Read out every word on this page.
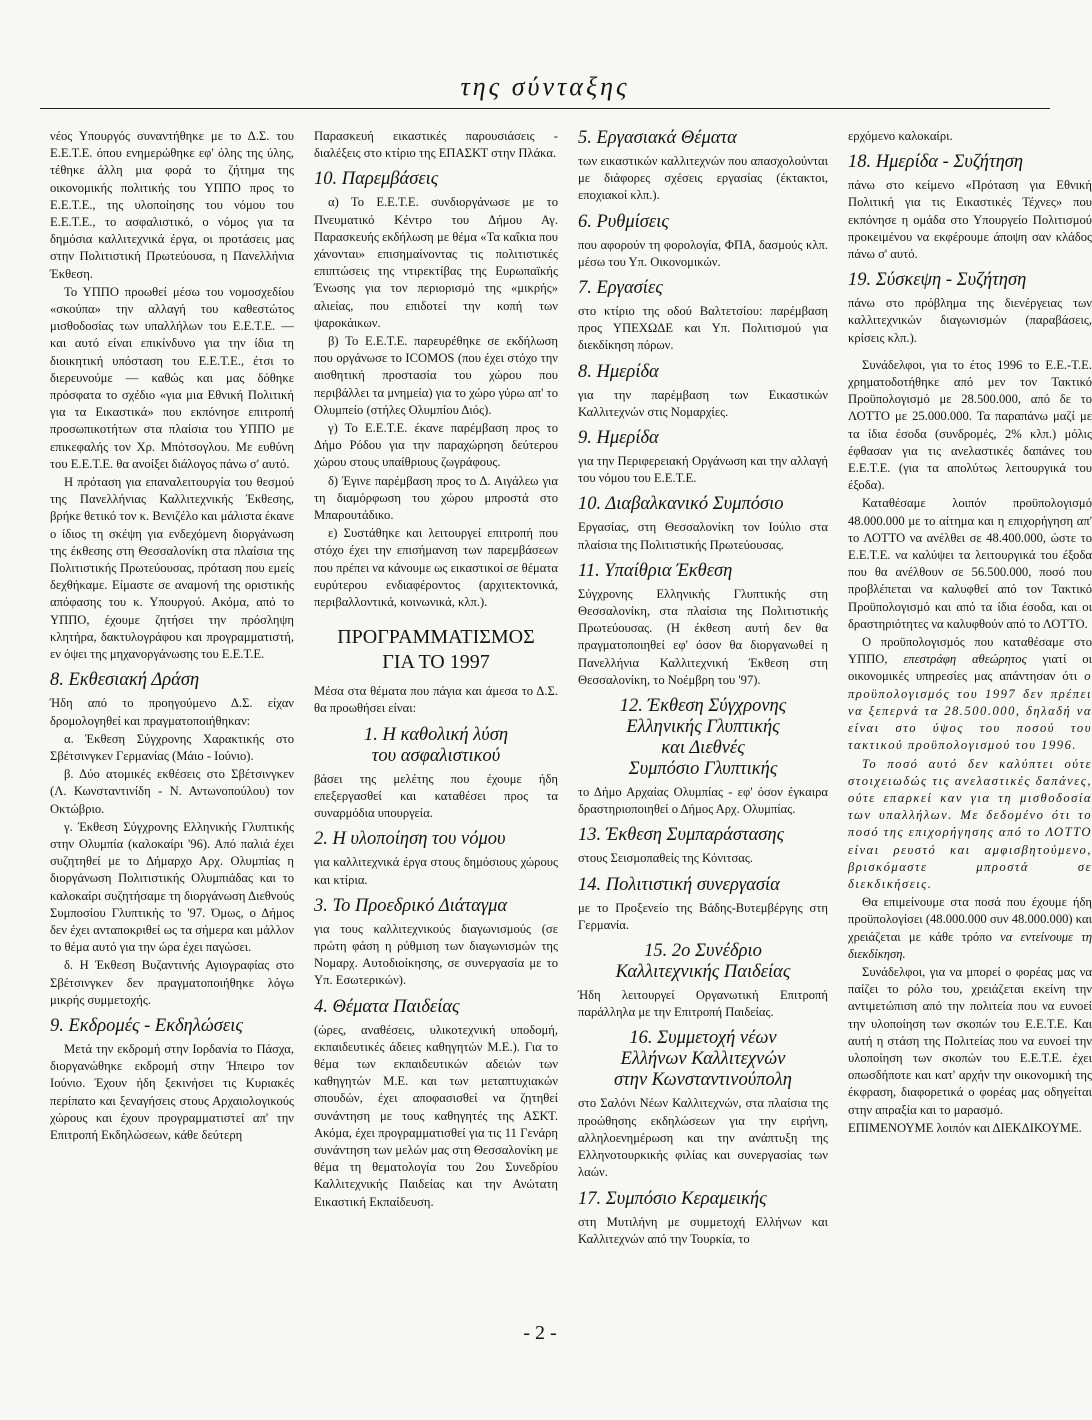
της σύνταξης

νέος Υπουργός συναντήθηκε με το Δ.Σ. του Ε.Ε.Τ.Ε. όπου ενημερώθηκε εφ' όλης της ύλης, τέθηκε άλλη μια φορά το ζήτημα της οικονομικής πολιτικής του ΥΠΠΟ προς το Ε.Ε.Τ.Ε., της υλοποίησης του νόμου του Ε.Ε.Τ.Ε., το ασφαλιστικό, ο νόμος για τα δημόσια καλλιτεχνικά έργα, οι προτάσεις μας στην Πολιτιστική Πρωτεύουσα, η Πανελλήνια Έκθεση.

Το ΥΠΠΟ προωθεί μέσω του νομοσχεδίου «σκούπα» την αλλαγή του καθεστώτος μισθοδοσίας των υπαλλήλων του Ε.Ε.Τ.Ε. — και αυτό είναι επικίνδυνο για την ίδια τη διοικητική υπόσταση του Ε.Ε.Τ.Ε., έτσι το διερευνούμε — καθώς και μας δόθηκε πρόσφατα το σχέδιο «για μια Εθνική Πολιτική για τα Εικαστικά» που εκπόνησε επιτροπή προσωπικοτήτων στα πλαίσια του ΥΠΠΟ με επικεφαλής τον Χρ. Μπότσογλου. Με ευθύνη του Ε.Ε.Τ.Ε. θα ανοίξει διάλογος πάνω σ' αυτό.

Η πρόταση για επαναλειτουργία του θεσμού της Πανελλήνιας Καλλιτεχνικής Έκθεσης, βρήκε θετικό τον κ. Βενιζέλο και μάλιστα έκανε ο ίδιος τη σκέψη για ενδεχόμενη διοργάνωση της έκθεσης στη Θεσσαλονίκη στα πλαίσια της Πολιτιστικής Πρωτεύουσας, πρόταση που εμείς δεχθήκαμε. Είμαστε σε αναμονή της οριστικής απόφασης του κ. Υπουργού. Ακόμα, από το ΥΠΠΟ, έχουμε ζητήσει την πρόσληψη κλητήρα, δακτυλογράφου και προγραμματιστή, εν όψει της μηχανοργάνωσης του Ε.Ε.Τ.Ε.

8. Εκθεσιακή Δράση

Ήδη από το προηγούμενο Δ.Σ. είχαν δρομολογηθεί και πραγματοποιήθηκαν:

α. Έκθεση Σύγχρονης Χαρακτικής στο Σβέτσινγκεν Γερμανίας (Μάιο - Ιούνιο).

β. Δύο ατομικές εκθέσεις στο Σβέτσινγκεν (Λ. Κωνσταντινίδη - Ν. Αντωνοπούλου) τον Οκτώβριο.

γ. Έκθεση Σύγχρονης Ελληνικής Γλυπτικής στην Ολυμπία (καλοκαίρι '96). Από παλιά έχει συζητηθεί με το Δήμαρχο Αρχ. Ολυμπίας η διοργάνωση Πολιτιστικής Ολυμπιάδας και το καλοκαίρι συζητήσαμε τη διοργάνωση Διεθνούς Συμποσίου Γλυπτικής το '97. Όμως, ο Δήμος δεν έχει ανταποκριθεί ως τα σήμερα και μάλλον το θέμα αυτό για την ώρα έχει παγώσει.

δ. Η Έκθεση Βυζαντινής Αγιογραφίας στο Σβέτσινγκεν δεν πραγματοποιήθηκε λόγω μικρής συμμετοχής.

9. Εκδρομές - Εκδηλώσεις

Μετά την εκδρομή στην Ιορδανία το Πάσχα, διοργανώθηκε εκδρομή στην Ήπειρο τον Ιούνιο. Έχουν ήδη ξεκινήσει τις Κυριακές περίπατο και ξεναγήσεις στους Αρχαιολογικούς χώρους και έχουν προγραμματιστεί απ' την Επιτροπή Εκδηλώσεων, κάθε δεύτερη

Παρασκευή εικαστικές παρουσιάσεις - διαλέξεις στο κτίριο της ΕΠΑΣΚΤ στην Πλάκα.

10. Παρεμβάσεις

α) Το Ε.Ε.Τ.Ε. συνδιοργάνωσε με το Πνευματικό Κέντρο του Δήμου Αγ. Παρασκευής εκδήλωση με θέμα «Τα καΐκια που χάνονται» επισημαίνοντας τις πολιτιστικές επιπτώσεις της ντιρεκτίβας της Ευρωπαϊκής Ένωσης για τον περιορισμό της «μικρής» αλιείας, που επιδοτεί την κοπή των ψαροκάικων.

β) Το Ε.Ε.Τ.Ε. παρευρέθηκε σε εκδήλωση που οργάνωσε το ICOMOS (που έχει στόχο την αισθητική προστασία του χώρου που περιβάλλει τα μνημεία) για το χώρο γύρω απ' το Ολυμπείο (στήλες Ολυμπίου Διός).

γ) Το Ε.Ε.Τ.Ε. έκανε παρέμβαση προς το Δήμο Ρόδου για την παραχώρηση δεύτερου χώρου στους υπαίθριους ζωγράφους.

δ) Έγινε παρέμβαση προς το Δ. Αιγάλεω για τη διαμόρφωση του χώρου μπροστά στο Μπαρουτάδικο.

ε) Συστάθηκε και λειτουργεί επιτροπή που στόχο έχει την επισήμανση των παρεμβάσεων που πρέπει να κάνουμε ως εικαστικοί σε θέματα ευρύτερου ενδιαφέροντος (αρχιτεκτονικά, περιβαλλοντικά, κοινωνικά, κλπ.).

ΠΡΟΓΡΑΜΜΑΤΙΣΜΟΣ
ΓΙΑ ΤΟ 1997

Μέσα στα θέματα που πάγια και άμεσα το Δ.Σ. θα προωθήσει είναι:

1. Η καθολική λύση
του ασφαλιστικού

βάσει της μελέτης που έχουμε ήδη επεξεργασθεί και καταθέσει προς τα συναρμόδια υπουργεία.

2. Η υλοποίηση του νόμου

για καλλιτεχνικά έργα στους δημόσιους χώρους και κτίρια.

3. Το Προεδρικό Διάταγμα

για τους καλλιτεχνικούς διαγωνισμούς (σε πρώτη φάση η ρύθμιση των διαγωνισμών της Νομαρχ. Αυτοδιοίκησης, σε συνεργασία με το Υπ. Εσωτερικών).

4. Θέματα Παιδείας

(ώρες, αναθέσεις, υλικοτεχνική υποδομή, εκπαιδευτικές άδειες καθηγητών Μ.Ε.). Για το θέμα των εκπαιδευτικών αδειών των καθηγητών Μ.Ε. και των μεταπτυχιακών σπουδών, έχει αποφασισθεί να ζητηθεί συνάντηση με τους καθηγητές της ΑΣΚΤ. Ακόμα, έχει προγραμματισθεί για τις 11 Γενάρη συνάντηση των μελών μας στη Θεσσαλονίκη με θέμα τη θεματολογία του 2ου Συνεδρίου Καλλιτεχνικής Παιδείας και την Ανώτατη Εικαστική Εκπαίδευση.

5. Εργασιακά Θέματα

των εικαστικών καλλιτεχνών που απασχολούνται με διάφορες σχέσεις εργασίας (έκτακτοι, εποχιακοί κλπ.).

6. Ρυθμίσεις

που αφορούν τη φορολογία, ΦΠΑ, δασμούς κλπ. μέσω του Υπ. Οικονομικών.

7. Εργασίες

στο κτίριο της οδού Βαλτετσίου: παρέμβαση προς ΥΠΕΧΩΔΕ και Υπ. Πολιτισμού για διεκδίκηση πόρων.

8. Ημερίδα

για την παρέμβαση των Εικαστικών Καλλιτεχνών στις Νομαρχίες.

9. Ημερίδα

για την Περιφερειακή Οργάνωση και την αλλαγή του νόμου του Ε.Ε.Τ.Ε.

10. Διαβαλκανικό Συμπόσιο

Εργασίας, στη Θεσσαλονίκη τον Ιούλιο στα πλαίσια της Πολιτιστικής Πρωτεύουσας.

11. Υπαίθρια Έκθεση

Σύγχρονης Ελληνικής Γλυπτικής στη Θεσσαλονίκη, στα πλαίσια της Πολιτιστικής Πρωτεύουσας. (Η έκθεση αυτή δεν θα πραγματοποιηθεί εφ' όσον θα διοργανωθεί η Πανελλήνια Καλλιτεχνική Έκθεση στη Θεσσαλονίκη, το Νοέμβρη του '97).

12. Έκθεση Σύγχρονης
Ελληνικής Γλυπτικής
και Διεθνές
Συμπόσιο Γλυπτικής

το Δήμο Αρχαίας Ολυμπίας - εφ' όσον έγκαιρα δραστηριοποιηθεί ο Δήμος Αρχ. Ολυμπίας.

13. Έκθεση Συμπαράστασης

στους Σεισμοπαθείς της Κόνιτσας.

14. Πολιτιστική συνεργασία

με το Προξενείο της Βάδης-Βυτεμβέργης στη Γερμανία.

15. 2ο Συνέδριο
Καλλιτεχνικής Παιδείας

Ήδη λειτουργεί Οργανωτική Επιτροπή παράλληλα με την Επιτροπή Παιδείας.

16. Συμμετοχή νέων
Ελλήνων Καλλιτεχνών
στην Κωνσταντινούπολη

στο Σαλόνι Νέων Καλλιτεχνών, στα πλαίσια της προώθησης εκδηλώσεων για την ειρήνη, αλληλοενημέρωση και την ανάπτυξη της Ελληνοτουρκικής φιλίας και συνεργασίας των λαών.

17. Συμπόσιο Κεραμεικής

στη Μυτιλήνη με συμμετοχή Ελλήνων και Καλλιτεχνών από την Τουρκία, το

ερχόμενο καλοκαίρι.

18. Ημερίδα - Συζήτηση

πάνω στο κείμενο «Πρόταση για Εθνική Πολιτική για τις Εικαστικές Τέχνες» που εκπόνησε η ομάδα στο Υπουργείο Πολιτισμού προκειμένου να εκφέρουμε άποψη σαν κλάδος πάνω σ' αυτό.

19. Σύσκεψη - Συζήτηση

πάνω στο πρόβλημα της διενέργειας των καλλιτεχνικών διαγωνισμών (παραβάσεις, κρίσεις κλπ.).

Συνάδελφοι, για το έτος 1996 το Ε.Ε.-Τ.Ε. χρηματοδοτήθηκε από μεν τον Τακτικό Προϋπολογισμό με 28.500.000, από δε το ΛΟΤΤΟ με 25.000.000. Τα παραπάνω μαζί με τα ίδια έσοδα (συνδρομές, 2% κλπ.) μόλις έφθασαν για τις ανελαστικές δαπάνες του Ε.Ε.Τ.Ε. (για τα απολύτως λειτουργικά του έξοδα).

Καταθέσαμε λοιπόν προϋπολογισμό 48.000.000 με το αίτημα και η επιχορήγηση απ' το ΛΟΤΤΟ να ανέλθει σε 48.400.000, ώστε το Ε.Ε.Τ.Ε. να καλύψει τα λειτουργικά του έξοδα που θα ανέλθουν σε 56.500.000, ποσό που προβλέπεται να καλυφθεί από τον Τακτικό Προϋπολογισμό και από τα ίδια έσοδα, και οι δραστηριότητες να καλυφθούν από το ΛΟΤΤΟ.

Ο προϋπολογισμός που καταθέσαμε στο ΥΠΠΟ, επεστράφη αθεώρητος γιατί οι οικονομικές υπηρεσίες μας απάντησαν ότι ο προϋπολογισμός του 1997 δεν πρέπει να ξεπερνά τα 28.500.000, δηλαδή να είναι στο ύψος του ποσού του τακτικού προϋπολογισμού του 1996.

Το ποσό αυτό δεν καλύπτει ούτε στοιχειωδώς τις ανελαστικές δαπάνες, ούτε επαρκεί καν για τη μισθοδοσία των υπαλλήλων. Με δεδομένο ότι το ποσό της επιχορήγησης από το ΛΟΤΤΟ είναι ρευστό και αμφισβητούμενο, βρισκόμαστε μπροστά σε διεκδικήσεις.

Θα επιμείνουμε στα ποσά που έχουμε ήδη προϋπολογίσει (48.000.000 συν 48.000.000) και χρειάζεται με κάθε τρόπο να εντείνουμε τη διεκδίκηση.

Συνάδελφοι, για να μπορεί ο φορέας μας να παίζει το ρόλο του, χρειάζεται εκείνη την αντιμετώπιση από την πολιτεία που να ευνοεί την υλοποίηση των σκοπών του Ε.Ε.Τ.Ε. Και αυτή η στάση της Πολιτείας που να ευνοεί την υλοποίηση των σκοπών του Ε.Ε.Τ.Ε. έχει οπωσδήποτε και κατ' αρχήν την οικονομική της έκφραση, διαφορετικά ο φορέας μας οδηγείται στην απραξία και το μαρασμό.

ΕΠΙΜΕΝΟΥΜΕ λοιπόν και ΔΙΕΚΔΙΚΟΥΜΕ.

- 2 -
